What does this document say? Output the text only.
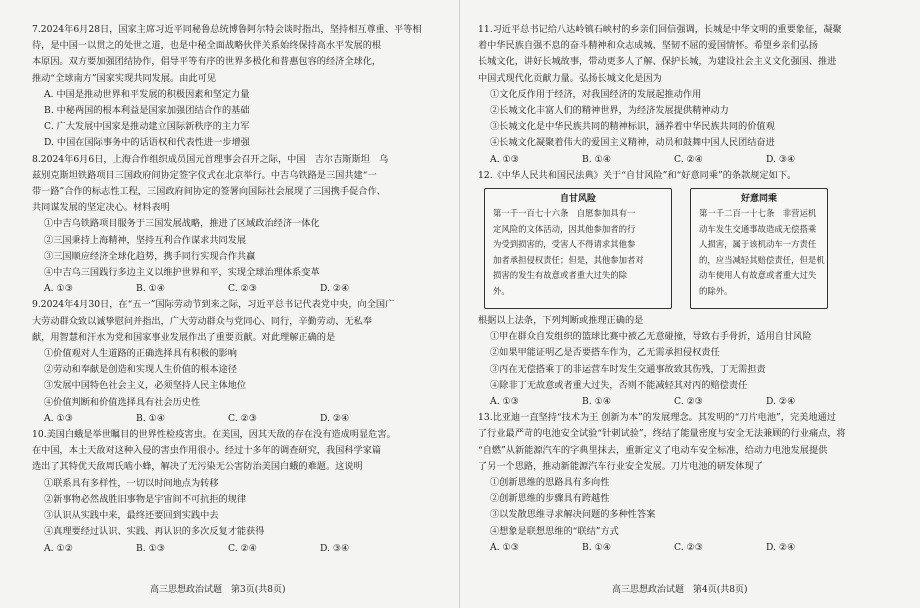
7.2024年6月28日，国家主席习近平同秘鲁总统博鲁阿尔特会谈时指出，坚持相互尊重、平等相
待，是中国一以贯之的处世之道，也是中秘全面战略伙伴关系始终保持高水平发展的根
本原因。双方要加强团结协作，倡导平等有序的世界多极化和普惠包容的经济全球化，
推动“全球南方”国家实现共同发展。由此可见
A. 中国是推动世界和平发展的积极因素和坚定力量
B. 中秘两国的根本利益是国家加强团结合作的基础
C. 广大发展中国家是推动建立国际新秩序的主力军
D. 中国在国际事务中的话语权和代表性进一步增强
8.2024年6月6日，上海合作组织成员国元首理事会召开之际，中国　吉尔吉斯斯坦　乌
兹别克斯坦铁路项目三国政府间协定签字仪式在北京举行。中吉乌铁路是三国共建“一
带一路”合作的标志性工程，三国政府间协定的签署向国际社会展现了三国携手促合作、
共同谋发展的坚定决心。材料表明
①中吉乌铁路项目服务于三国发展战略，推进了区域政治经济一体化
②三国秉持上海精神，坚持互利合作谋求共同发展
③三国顺应经济全球化趋势，携手同行实现合作共赢
④中吉乌三国践行多边主义以维护世界和平，实现全球治理体系变革
A. ①③	B. ①④	C. ②③	D. ②④
9.2024年4月30日，在“五一”国际劳动节到来之际，习近平总书记代表党中央，向全国广
大劳动群众致以诚挚慰问并指出，广大劳动群众与党同心、同行，辛勤劳动、无私奉
献，用智慧和汗水为党和国家事业发展作出了重要贡献。对此理解正确的是
①价值观对人生道路的正确选择具有积极的影响
②劳动和奉献是创造和实现人生价值的根本途径
③发展中国特色社会主义，必须坚持人民主体地位
④价值判断和价值选择具有社会历史性
A. ①③	B. ①④	C. ②③	D. ②④
10.美国白蛾是举世瞩目的世界性检疫害虫。在美国，因其天敌的存在没有造成明显危害。
在中国，本土天敌对这种入侵的害虫作用很小。经过十多年的调查研究，我国科学家篇
选出了其特优天敌周氏啮小蜂，解决了无污染无公害防治美国白蛾的难题。这说明
①联系具有多样性，一切以时间地点为转移
②新事物必然战胜旧事物是宇宙间不可抗拒的规律
③认识从实践中来，最终还要回到实践中去
④真理要经过认识、实践、再认识的多次反复才能获得
A. ①②	B. ①③	C. ②④	D. ③④
高三思想政治试题　第3页(共8页)
11.习近平总书记给八达岭镇石峡村的乡亲们回信强调，长城是中华文明的重要象征，凝聚
着中华民族自强不息的奋斗精神和众志成城、坚韧不屈的爱国情怀。希望乡亲们弘扬
长城文化，讲好长城故事，带动更多人了解、保护长城，为建设社会主义文化强国、推进
中国式现代化贡献力量。弘扬长城文化是因为
①文化反作用于经济，对我国经济的发展起推动作用
②长城文化丰富人们的精神世界，为经济发展提供精神动力
③长城文化是中华民族共同的精神标识，涵养着中华民族共同的价值观
④长城文化凝聚着伟大的爱国主义精神，动员和鼓舞中国人民团结奋进
A. ①③	B. ①④	C. ②④	D. ③④
12.《中华人民共和国民法典》关于“自甘风险”和“好意同乘”的条款规定如下。
自甘风险
第一千一百七十六条　自愿参加具有一
定风险的文体活动，因其他参加者的行
为受到损害的，受害人不得请求其他参
加者承担侵权责任；但是，其他参加者对
损害的发生有故意或者重大过失的除
外。
好意同乘
第一千二百一十七条　非营运机
动车发生交通事故造成无偿搭乘
人损害，属于该机动车一方责任
的，应当减轻其赔偿责任，但是机
动车使用人有故意或者重大过失
的除外。
根据以上法条，下列判断或推理正确的是
①甲在群众自发组织的篮球比赛中被乙无意碰撞，导致右手骨折，适用自甘风险
②如果甲能证明乙是否要搭车作为，乙无需承担侵权责任
③丙在无偿搭乘丁的非运营车时发生交通事故致其伤残，丁无需担责
④除非丁无故意或者重大过失，否则不能减轻其对丙的赔偿责任
A. ①③	B. ①④	C. ②③	D. ②④
13.比亚迪一直坚持“技术为王 创新为本”的发展理念。其发明的“刀片电池”，完美地通过
了行业最严苛的电池安全试验“针刺试验”，终结了能量密度与安全无法兼顾的行业痛点，将
“自燃”从新能源汽车的字典里抹去，重新定义了电动车安全标准，给动力电池发展提供
了另一个思路，推动新能源汽车行业安全发展。刀片电池的研发体现了
①创新思维的思路具有多向性
②创新思维的步骤具有跨越性
③以发散思维寻求解决问题的多种性答案
④想象是联想思维的“联结”方式
A. ①③	B. ①④	C. ②③	D. ②④
高三思想政治试题　第4页(共8页)
